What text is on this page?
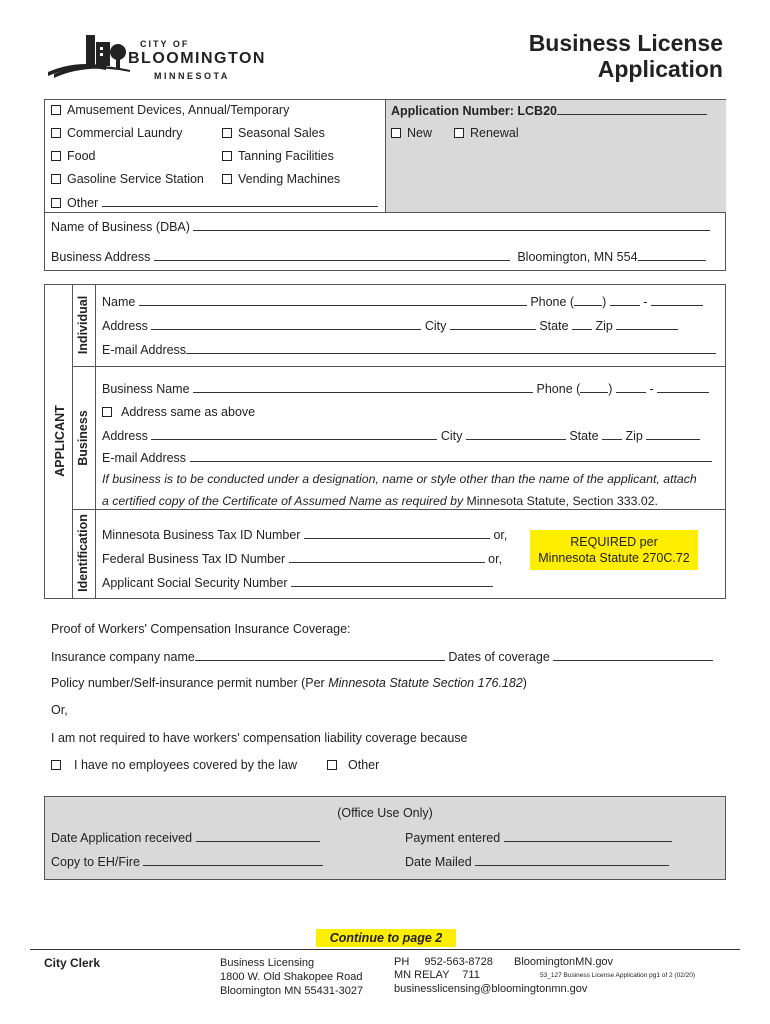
CITY OF
BLOOMINGTON
MINNESOTA
Business License
Application
Amusement Devices, Annual/Temporary
Commercial Laundry	Seasonal Sales
Food	Tanning Facilities
Gasoline Service Station	Vending Machines
Other
Application Number: LCB20
New	Renewal
Name of Business (DBA)
Business Address	Bloomington, MN 554
APPLICANT
Individual
Business
Identification
Name	Phone ( )	-
Address	City	State Zip
E-mail Address
Business Name	Phone ( )	-
Address same as above
Address	City	State Zip
E-mail Address
If business is to be conducted under a designation, name or style other than the name of the applicant, attach
a certified copy of the Certificate of Assumed Name as required by Minnesota Statute, Section 333.02.
Minnesota Business Tax ID Number	or,
Federal Business Tax ID Number	or,
Applicant Social Security Number
REQUIRED per
Minnesota Statute 270C.72
Proof of Workers' Compensation Insurance Coverage:
Insurance company name	Dates of coverage
Policy number/Self-insurance permit number (Per Minnesota Statute Section 176.182)
Or,
I am not required to have workers' compensation liability coverage because
I have no employees covered by the law	Other
(Office Use Only)
Date Application received	Payment entered
Copy to EH/Fire	Date Mailed
Continue to page 2
City Clerk	Business Licensing
1800 W. Old Shakopee Road
Bloomington MN 55431-3027
PH 952-563-8728 BloomingtonMN.gov
MN RELAY 711	53_127 Business License Application pg1 of 2 (02/20)
businesslicensing@bloomingtonmn.gov
